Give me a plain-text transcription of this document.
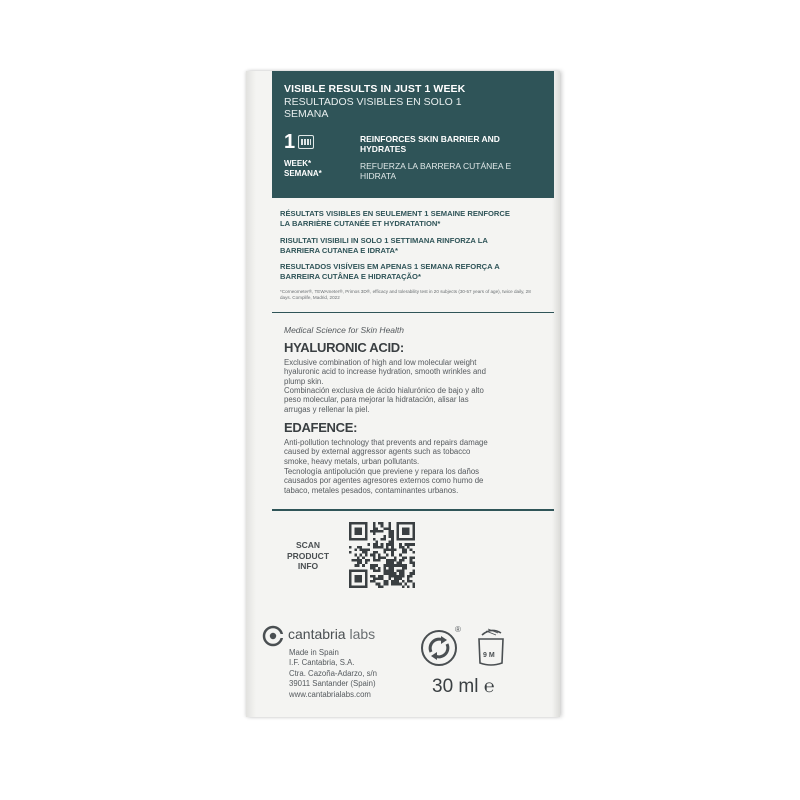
VISIBLE RESULTS IN JUST 1 WEEK
RESULTADOS VISIBLES EN SOLO 1 SEMANA
1
WEEK*
SEMANA*
REINFORCES SKIN BARRIER AND HYDRATES
REFUERZA LA BARRERA CUTÁNEA E HIDRATA
RÉSULTATS VISIBLES EN SEULEMENT 1 SEMAINE RENFORCE LA BARRIÈRE CUTANÉE ET HYDRATATION*
RISULTATI VISIBILI IN SOLO 1 SETTIMANA RINFORZA LA BARRIERA CUTANEA E IDRATA*
RESULTADOS VISÍVEIS EM APENAS 1 SEMANA REFORÇA A BARREIRA CUTÂNEA E HIDRATAÇÃO*
*Corneometer®, TEWAmeter®, Primos 3D®, efficacy and tolerability test in 20 subjects (30-57 years of age), twice daily, 28 days. Complife, Madrid, 2022
Medical Science for Skin Health
HYALURONIC ACID:
Exclusive combination of high and low molecular weight hyaluronic acid to increase hydration, smooth wrinkles and plump skin.
Combinación exclusiva de ácido hialurónico de bajo y alto peso molecular, para mejorar la hidratación, alisar las arrugas y rellenar la piel.
EDAFENCE:
Anti-pollution technology that prevents and repairs damage caused by external aggressor agents such as tobacco smoke, heavy metals, urban pollutants.
Tecnología antipolución que previene y repara los daños causados por agentes agresores externos como humo de tabaco, metales pesados, contaminantes urbanos.
SCAN PRODUCT INFO
cantabria labs
Made in Spain
I.F. Cantabria, S.A.
Ctra. Cazoña-Adarzo, s/n
39011 Santander (Spain)
www.cantabrialabs.com
®
9 M
30 ml ℮
